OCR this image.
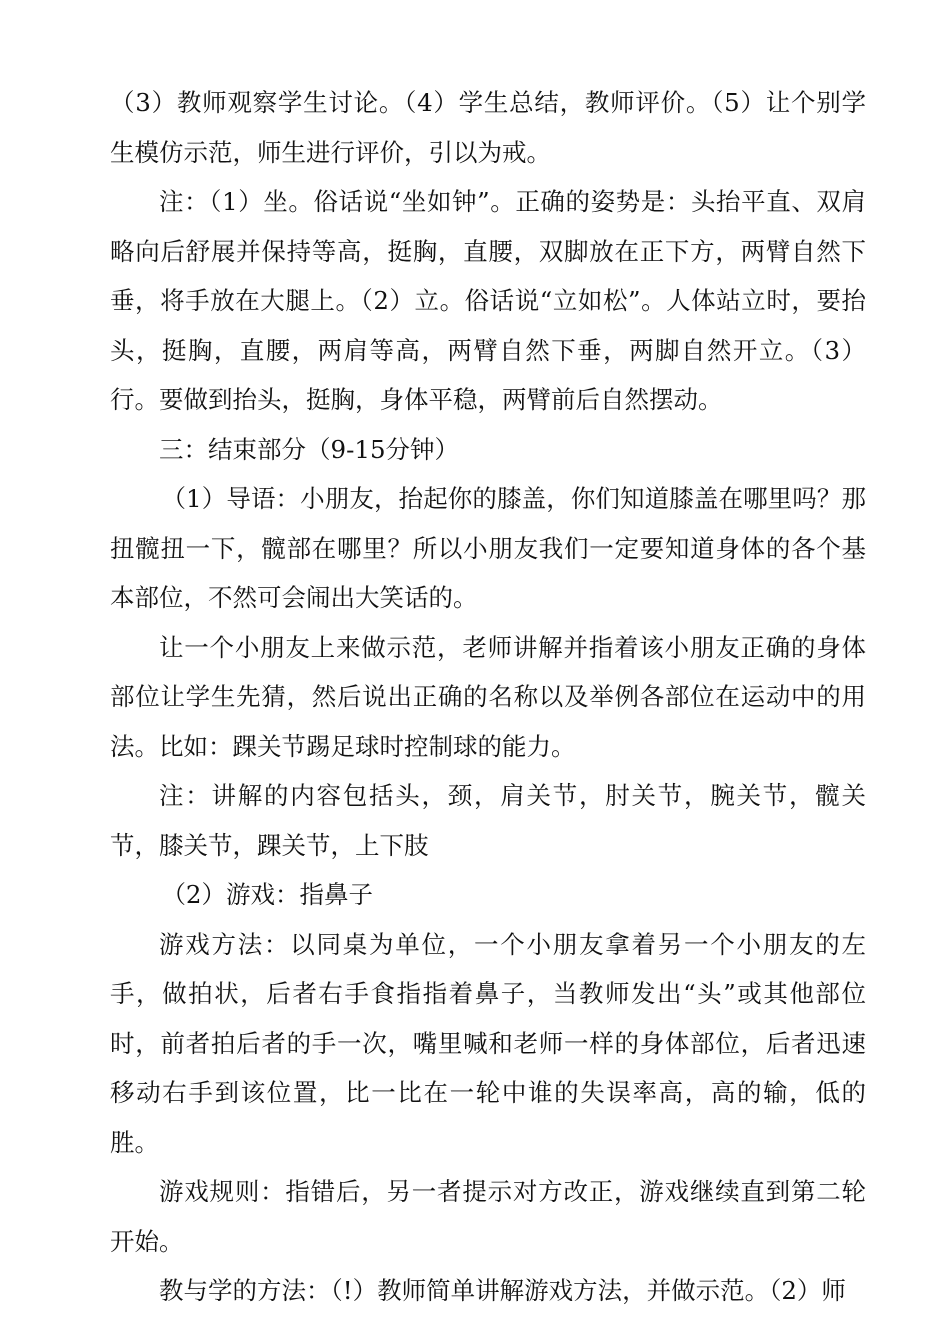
（3）教师观察学生讨论。（4）学生总结，教师评价。（5）让个别学生模仿示范，师生进行评价，引以为戒。

注：（1）坐。俗话说“坐如钟”。正确的姿势是：头抬平直、双肩略向后舒展并保持等高，挺胸，直腰，双脚放在正下方，两臂自然下垂，将手放在大腿上。（2）立。俗话说“立如松”。人体站立时，要抬头，挺胸，直腰，两肩等高，两臂自然下垂，两脚自然开立。（3）行。要做到抬头，挺胸，身体平稳，两臂前后自然摆动。

三：结束部分（9-15分钟）

（1）导语：小朋友，抬起你的膝盖，你们知道膝盖在哪里吗？那扭髋扭一下，髋部在哪里？所以小朋友我们一定要知道身体的各个基本部位，不然可会闹出大笑话的。

让一个小朋友上来做示范，老师讲解并指着该小朋友正确的身体部位让学生先猜，然后说出正确的名称以及举例各部位在运动中的用法。比如：踝关节踢足球时控制球的能力。

注：讲解的内容包括头，颈，肩关节，肘关节，腕关节，髋关节，膝关节，踝关节，上下肢

（2）游戏：指鼻子

游戏方法：以同桌为单位，一个小朋友拿着另一个小朋友的左手，做拍状，后者右手食指指着鼻子，当教师发出“头”或其他部位时，前者拍后者的手一次，嘴里喊和老师一样的身体部位，后者迅速移动右手到该位置，比一比在一轮中谁的失误率高，高的输，低的胜。

游戏规则：指错后，另一者提示对方改正，游戏继续直到第二轮开始。

教与学的方法：（!）教师简单讲解游戏方法，并做示范。（2）师
